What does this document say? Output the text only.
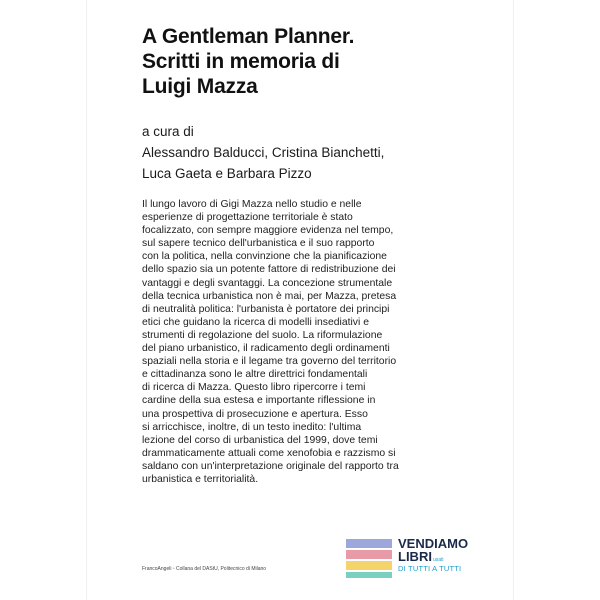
A Gentleman Planner.
Scritti in memoria di
Luigi Mazza
a cura di
Alessandro Balducci, Cristina Bianchetti,
Luca Gaeta e Barbara Pizzo
Il lungo lavoro di Gigi Mazza nello studio e nelle
esperienze di progettazione territoriale è stato
focalizzato, con sempre maggiore evidenza nel tempo,
sul sapere tecnico dell'urbanistica e il suo rapporto
con la politica, nella convinzione che la pianificazione
dello spazio sia un potente fattore di redistribuzione dei
vantaggi e degli svantaggi. La concezione strumentale
della tecnica urbanistica non è mai, per Mazza, pretesa
di neutralità politica: l'urbanista è portatore dei principi
etici che guidano la ricerca di modelli insediativi e
strumenti di regolazione del suolo. La riformulazione
del piano urbanistico, il radicamento degli ordinamenti
spaziali nella storia e il legame tra governo del territorio
e cittadinanza sono le altre direttrici fondamentali
di ricerca di Mazza. Questo libro ripercorre i temi
cardine della sua estesa e importante riflessione in
una prospettiva di prosecuzione e apertura. Esso
si arricchisce, inoltre, di un testo inedito: l'ultima
lezione del corso di urbanistica del 1999, dove temi
drammaticamente attuali come xenofobia e razzismo si
saldano con un'interpretazione originale del rapporto tra
urbanistica e territorialità.
FrancoAngeli ▫ Collana del DAStU, Politecnico di Milano
VENDIAMO
LIBRIusati
DI TUTTI A TUTTI
